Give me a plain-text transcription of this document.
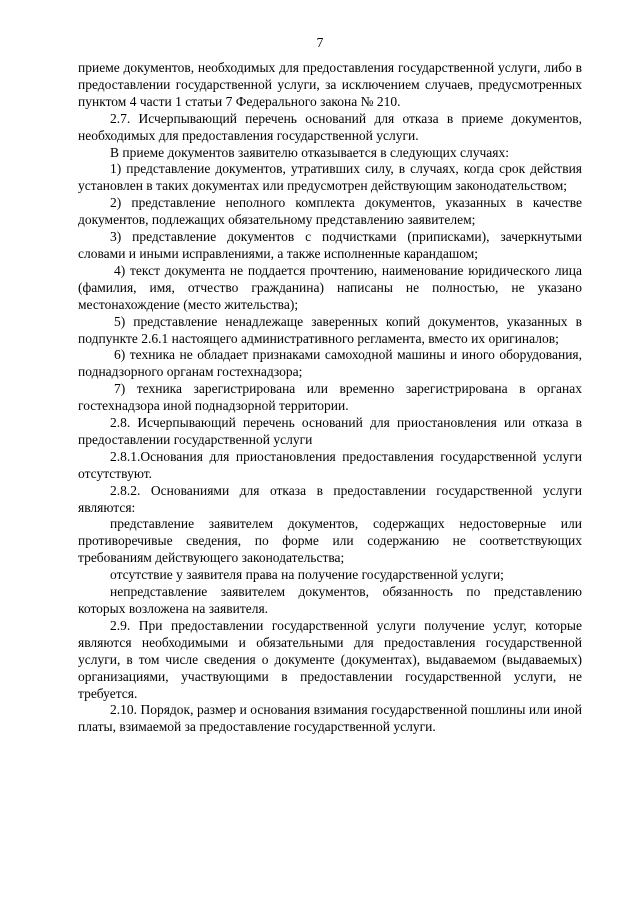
7

приеме документов, необходимых для предоставления государственной услуги, либо в предоставлении государственной услуги, за исключением случаев, предусмотренных пунктом 4 части 1 статьи 7 Федерального закона № 210.

2.7. Исчерпывающий перечень оснований для отказа в приеме документов, необходимых для предоставления государственной услуги.

В приеме документов заявителю отказывается в следующих случаях:

1) представление документов, утративших силу, в случаях, когда срок действия установлен в таких документах или предусмотрен действующим законодательством;

2) представление неполного комплекта документов, указанных в качестве документов, подлежащих обязательному представлению заявителем;

3) представление документов с подчистками (приписками), зачеркнутыми словами и иными исправлениями, а также исполненные карандашом;

4) текст документа не поддается прочтению, наименование юридического лица (фамилия, имя, отчество гражданина) написаны не полностью, не указано местонахождение (место жительства);

5) представление ненадлежаще заверенных копий документов, указанных в подпункте 2.6.1 настоящего административного регламента, вместо их оригиналов;

6) техника не обладает признаками самоходной машины и иного оборудования, поднадзорного органам гостехнадзора;

7) техника зарегистрирована или временно зарегистрирована в органах гостехнадзора иной поднадзорной территории.

2.8. Исчерпывающий перечень оснований для приостановления или отказа в предоставлении государственной услуги

2.8.1.Основания для приостановления предоставления государственной услуги отсутствуют.

2.8.2. Основаниями для отказа в предоставлении государственной услуги являются:

представление заявителем документов, содержащих недостоверные или противоречивые сведения, по форме или содержанию не соответствующих требованиям действующего законодательства;

отсутствие у заявителя права на получение государственной услуги;

непредставление заявителем документов, обязанность по представлению которых возложена на заявителя.

2.9. При предоставлении государственной услуги получение услуг, которые являются необходимыми и обязательными для предоставления государственной услуги, в том числе сведения о документе (документах), выдаваемом (выдаваемых) организациями, участвующими в предоставлении государственной услуги, не требуется.

2.10. Порядок, размер и основания взимания государственной пошлины или иной платы, взимаемой за предоставление государственной услуги.
